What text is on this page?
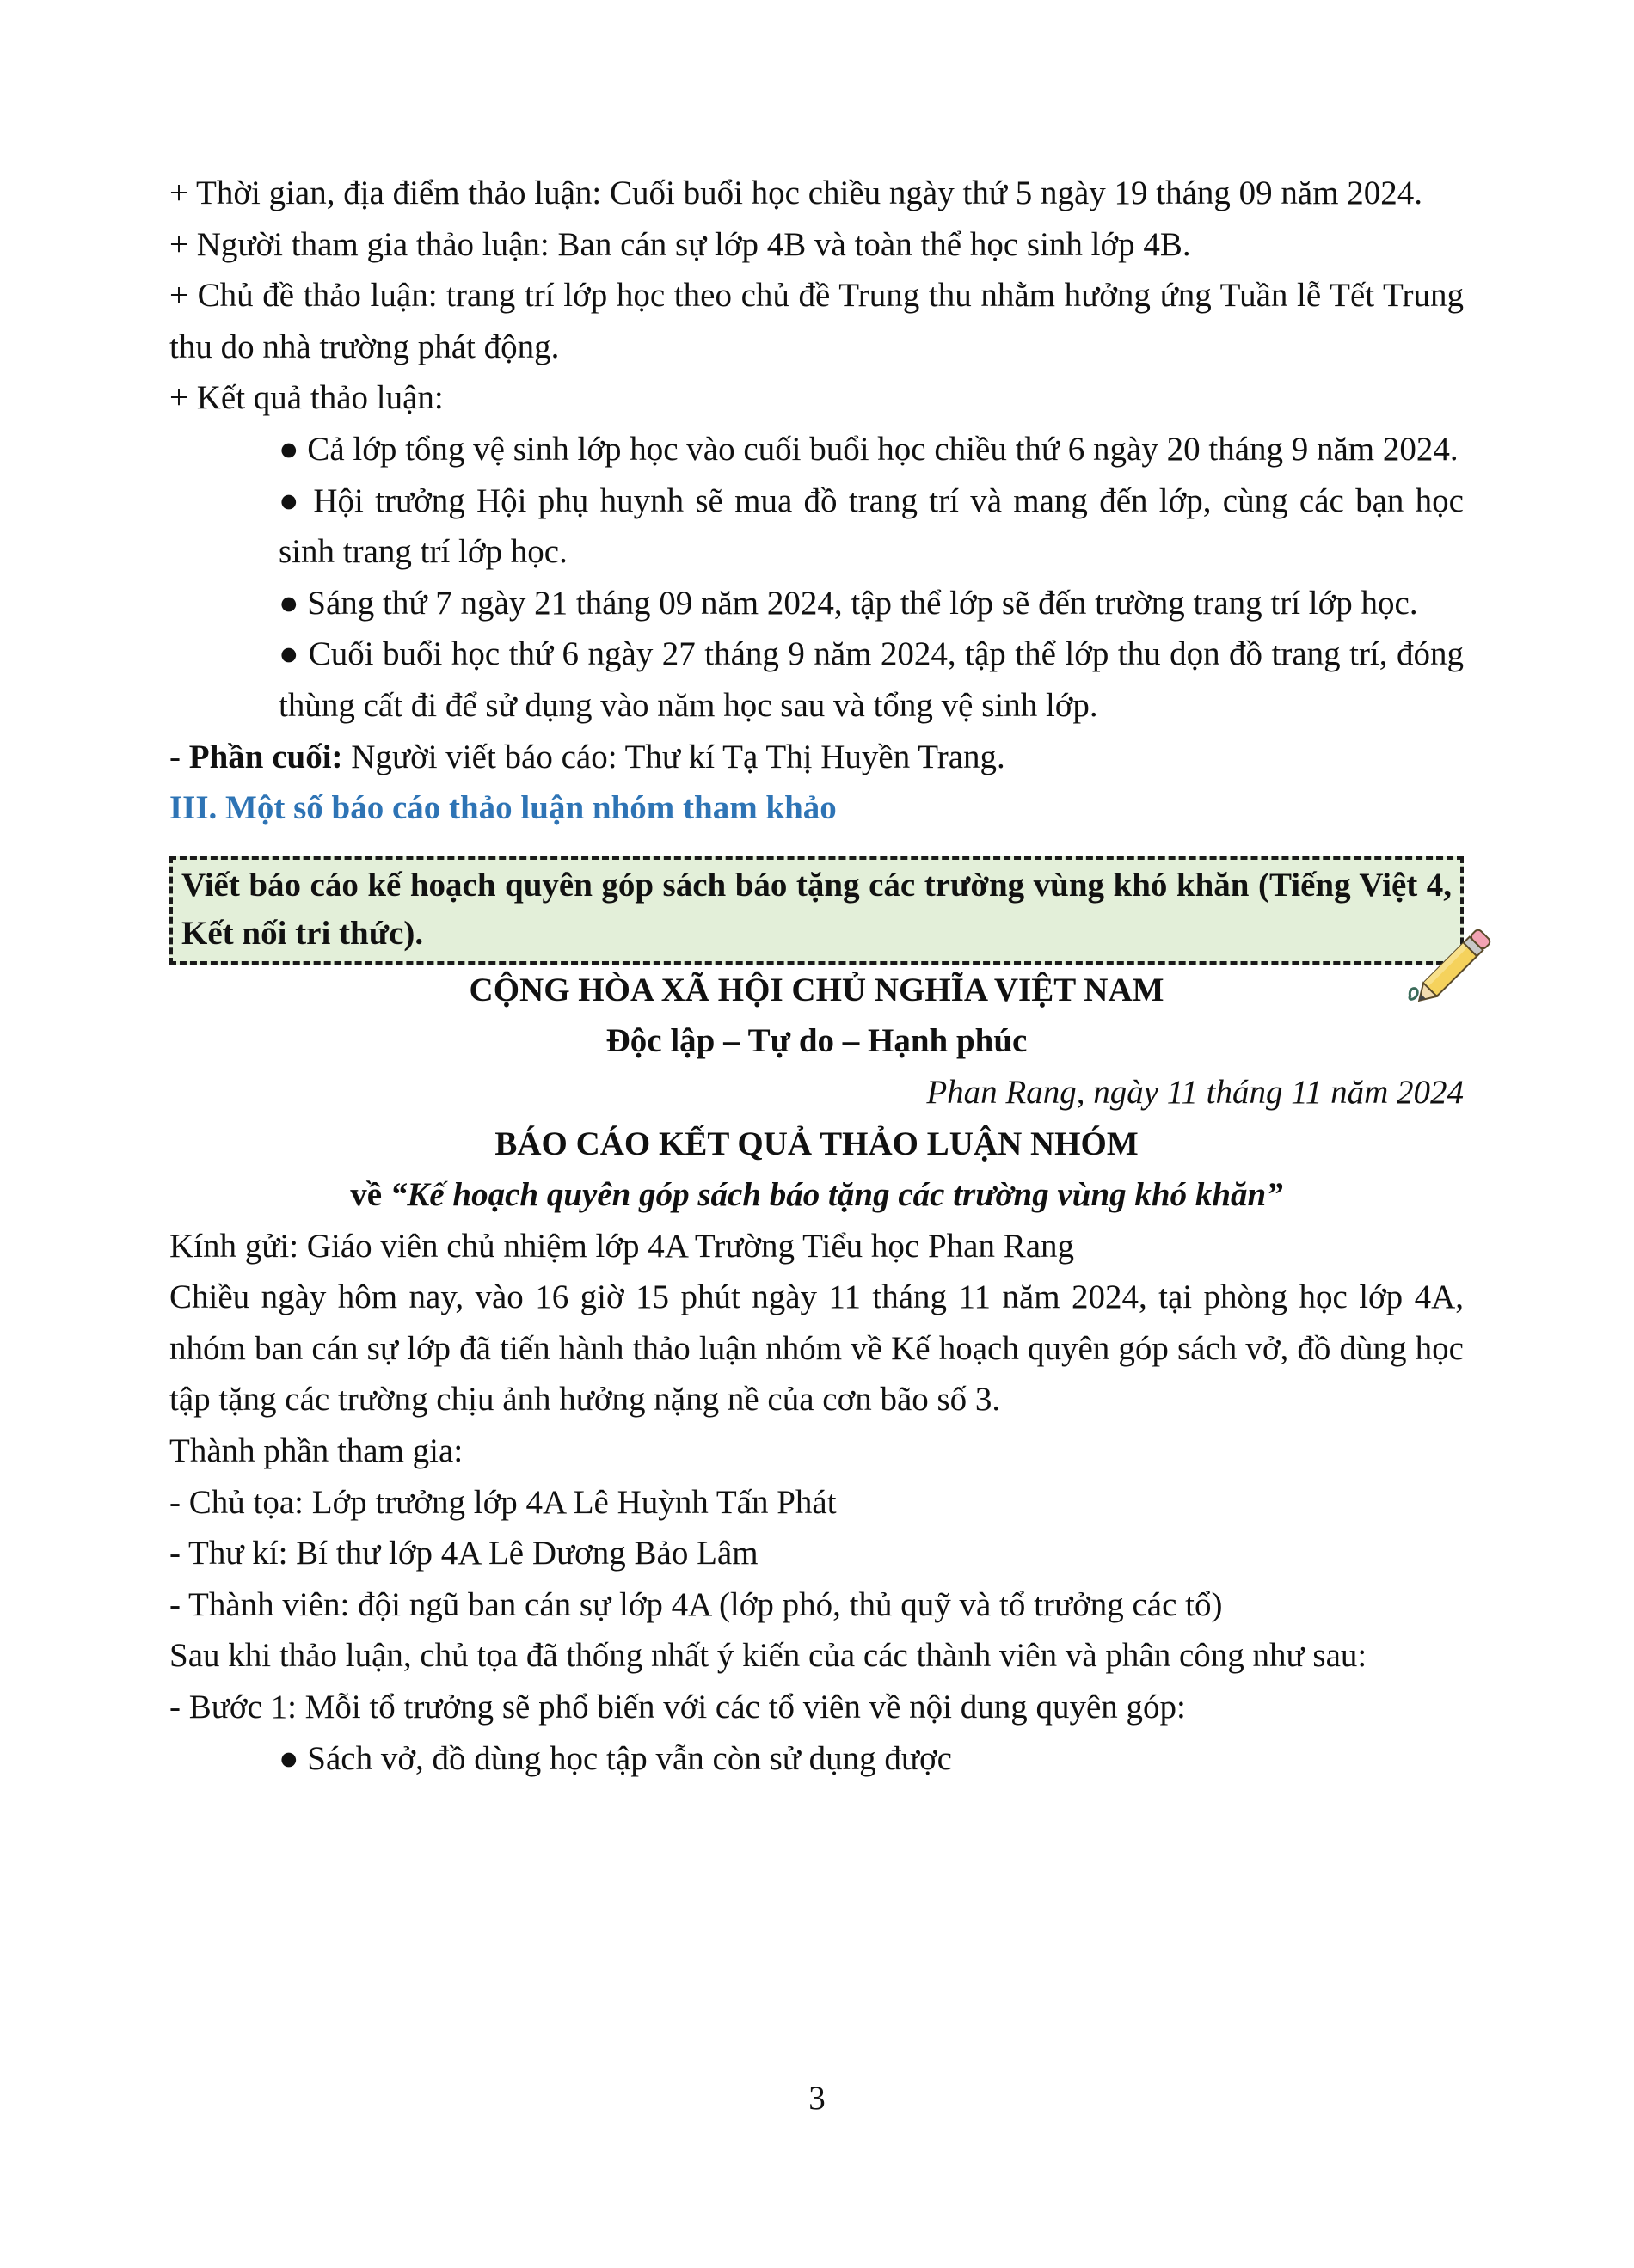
+ Thời gian, địa điểm thảo luận: Cuối buổi học chiều ngày thứ 5 ngày 19 tháng 09 năm 2024.

+ Người tham gia thảo luận: Ban cán sự lớp 4B và toàn thể học sinh lớp 4B.

+ Chủ đề thảo luận: trang trí lớp học theo chủ đề Trung thu nhằm hưởng ứng Tuần lễ Tết Trung thu do nhà trường phát động.

+ Kết quả thảo luận:

● Cả lớp tổng vệ sinh lớp học vào cuối buổi học chiều thứ 6 ngày 20 tháng 9 năm 2024.

● Hội trưởng Hội phụ huynh sẽ mua đồ trang trí và mang đến lớp, cùng các bạn học sinh trang trí lớp học.

● Sáng thứ 7 ngày 21 tháng 09 năm 2024, tập thể lớp sẽ đến trường trang trí lớp học.

● Cuối buổi học thứ 6 ngày 27 tháng 9 năm 2024, tập thể lớp thu dọn đồ trang trí, đóng thùng cất đi để sử dụng vào năm học sau và tổng vệ sinh lớp.

- Phần cuối: Người viết báo cáo: Thư kí Tạ Thị Huyền Trang.

III. Một số báo cáo thảo luận nhóm tham khảo

Viết báo cáo kế hoạch quyên góp sách báo tặng các trường vùng khó khăn (Tiếng Việt 4, Kết nối tri thức).

CỘNG HÒA XÃ HỘI CHỦ NGHĨA VIỆT NAM

Độc lập – Tự do – Hạnh phúc

Phan Rang, ngày 11 tháng 11 năm 2024

BÁO CÁO KẾT QUẢ THẢO LUẬN NHÓM

về “Kế hoạch quyên góp sách báo tặng các trường vùng khó khăn”

Kính gửi: Giáo viên chủ nhiệm lớp 4A Trường Tiểu học Phan Rang

Chiều ngày hôm nay, vào 16 giờ 15 phút ngày 11 tháng 11 năm 2024, tại phòng học lớp 4A, nhóm ban cán sự lớp đã tiến hành thảo luận nhóm về Kế hoạch quyên góp sách vở, đồ dùng học tập tặng các trường chịu ảnh hưởng nặng nề của cơn bão số 3.

Thành phần tham gia:

- Chủ tọa: Lớp trưởng lớp 4A Lê Huỳnh Tấn Phát

- Thư kí: Bí thư lớp 4A Lê Dương Bảo Lâm

- Thành viên: đội ngũ ban cán sự lớp 4A (lớp phó, thủ quỹ và tổ trưởng các tổ)

Sau khi thảo luận, chủ tọa đã thống nhất ý kiến của các thành viên và phân công như sau:

- Bước 1: Mỗi tổ trưởng sẽ phổ biến với các tổ viên về nội dung quyên góp:

● Sách vở, đồ dùng học tập vẫn còn sử dụng được

3
